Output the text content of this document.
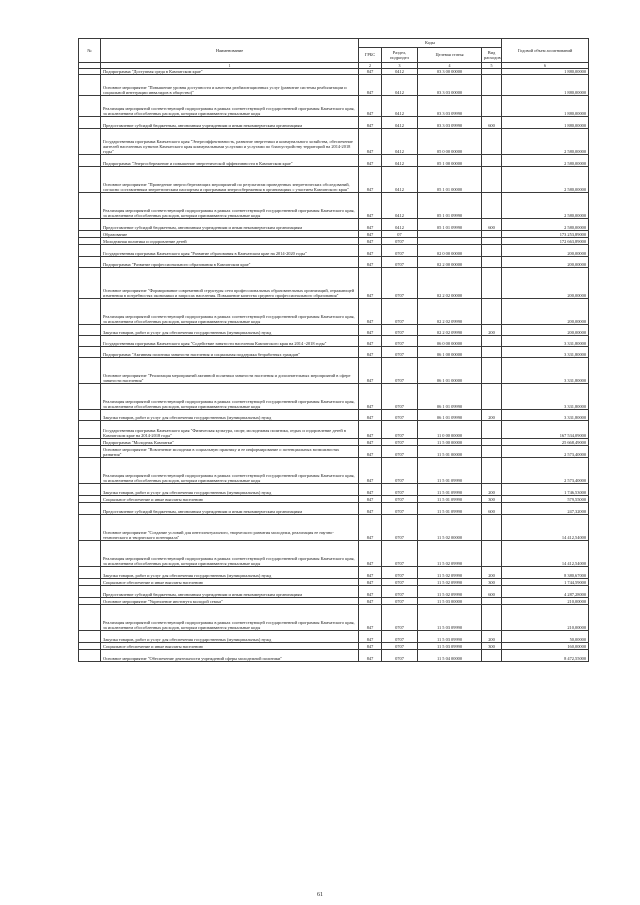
№	Наименование	Коды				Годовой объем ассигнований	
		ГРБС	Раздел, подраздел	Целевая статья	Вид расходов		
	1	2	3	4	5	6	
	Подпрограмма "Доступная среда в Камчатском крае"	847	0412	03 3 00 00000		1 880,00000	
	Основное мероприятие "Повышение уровня доступности и качества реабилитационных услуг (развитие системы реабилитации и социальной интеграции инвалидов в общество)"	847	0412	03 3 03 00000		1 880,00000	
	Реализация мероприятий соответствующей подпрограммы в рамках соответствующей государственной программы Камчатского края, за исключением обособленных расходов, которым присваиваются уникальные коды	847	0412	03 3 03 09990		1 880,00000	
	Предоставление субсидий бюджетным, автономным учреждениям и иным некоммерческим организациям	847	0412	03 3 03 09990	600	1 880,00000	
	Государственная программа Камчатского края "Энергоэффективность, развитие энергетики и коммунального хозяйства, обеспечение жителей населенных пунктов Камчатского края коммунальными услугами и услугами по благоустройству территорий на 2014-2018 годы"	847	0412	05 0 00 00000		2 580,00000	
	Подпрограмма "Энергосбережение и повышение энергетической эффективности в Камчатском крае"	847	0412	05 1 00 00000		2 580,00000	
	Основное мероприятие "Проведение энергосберегающих мероприятий по результатам проведенных энергетических обследований, согласно составленным энергетическим паспортам и программам энергосбережения в организациях с участием Камчатского края"	847	0412	05 1 01 00000		2 580,00000	
	Реализация мероприятий соответствующей подпрограммы в рамках соответствующей государственной программы Камчатского края, за исключением обособленных расходов, которым присваиваются уникальные коды	847	0412	05 1 01 09990		2 580,00000	
	Предоставление субсидий бюджетным, автономным учреждениям и иным некоммерческим организациям	847	0412	05 1 01 09990	600	2 580,00000	
	Образование	847	07			173 253,89000	
	Молодежная политика и оздоровление детей	847	0707			172 663,89000	
	Государственная программа Камчатского края "Развитие образования в Камчатском крае на 2014-2020 годы"	847	0707	02 0 00 00000		200,00000	
	Подпрограмма "Развитие профессионального образования в Камчатском крае"	847	0707	02 2 00 00000		200,00000	
	Основное мероприятие "Формирование современной структуры сети профессиональных образовательных организаций, отражающей изменения в потребностях экономики и запросах населения. Повышение качества среднего профессионального образования"	847	0707	02 2 02 00000		200,00000	
	Реализация мероприятий соответствующей подпрограммы в рамках соответствующей государственной программы Камчатского края, за исключением обособленных расходов, которым присваиваются уникальные коды	847	0707	02 2 02 09990		200,00000	
	Закупка товаров, работ и услуг для обеспечения государственных (муниципальных) нужд	847	0707	02 2 02 09990	200	200,00000	
	Государственная программа Камчатского края "Содействие занятости населения Камчатского края на 2014 -2018 годы"	847	0707	06 0 00 00000		3 331,80000	
	Подпрограмма "Активная политика занятости населения и социальная поддержка безработных граждан"	847	0707	06 1 00 00000		3 331,80000	
	Основное мероприятие "Реализация мероприятий активной политики занятости населения и дополнительных мероприятий в сфере занятости населения"	847	0707	06 1 01 00000		3 331,80000	
	Реализация мероприятий соответствующей подпрограммы в рамках соответствующей государственной программы Камчатского края, за исключением обособленных расходов, которым присваиваются уникальные коды	847	0707	06 1 01 09990		3 331,80000	
	Закупка товаров, работ и услуг для обеспечения государственных (муниципальных) нужд	847	0707	06 1 01 09990	200	3 331,80000	
	Государственная программа Камчатского края "Физическая культура, спорт, молодежная политика, отдых и оздоровление детей в Камчатском крае на 2014-2018 годы"	847	0707	11 0 00 00000		167 534,09000	
	Подпрограмма "Молодежь Камчатки"	847	0707	11 5 00 00000		25 668,49000	
	Основное мероприятие "Вовлечение молодежи в социальную практику и ее информирование о потенциальных возможностях развития"	847	0707	11 5 01 00000		2 573,40000	
	Реализация мероприятий соответствующей подпрограммы в рамках соответствующей государственной программы Камчатского края, за исключением обособленных расходов, которым присваиваются уникальные коды	847	0707	11 5 01 09990		2 573,40000	
	Закупка товаров, работ и услуг для обеспечения государственных (муниципальных) нужд	847	0707	11 5 01 09990	200	1 746,53000	
	Социальное обеспечение и иные выплаты населению	847	0707	11 5 01 09990	300	579,55000	
	Предоставление субсидий бюджетным, автономным учреждениям и иным некоммерческим организациям	847	0707	11 5 01 09990	600	247,32000	
	Основное мероприятие "Создание условий для интеллектуального, творческого развития молодежи, реализация ее научно-технического и творческого потенциала"	847	0707	11 5 02 00000		14 412,54000	
	Реализация мероприятий соответствующей подпрограммы в рамках соответствующей государственной программы Камчатского края, за исключением обособленных расходов, которым присваиваются уникальные коды	847	0707	11 5 02 09990		14 412,54000	
	Закупка товаров, работ и услуг для обеспечения государственных (муниципальных) нужд	847	0707	11 5 02 09990	200	8 380,67000	
	Социальное обеспечение и иные выплаты населению	847	0707	11 5 02 09990	300	1 744,59000	
	Предоставление субсидий бюджетным, автономным учреждениям и иным некоммерческим организациям	847	0707	11 5 02 09990	600	4 287,28000	
	Основное мероприятие "Укрепление института молодой семьи"	847	0707	11 5 03 00000		210,00000	
	Реализация мероприятий соответствующей подпрограммы в рамках соответствующей государственной программы Камчатского края, за исключением обособленных расходов, которым присваиваются уникальные коды	847	0707	11 5 03 09990		210,00000	
	Закупка товаров, работ и услуг для обеспечения государственных (муниципальных) нужд	847	0707	11 5 03 09990	200	50,00000	
	Социальное обеспечение и иные выплаты населению	847	0707	11 5 03 09990	300	160,00000	
	Основное мероприятие "Обеспечение деятельности учреждений сферы молодежной политики"	847	0707	11 5 04 00000		8 472,55000	
61
